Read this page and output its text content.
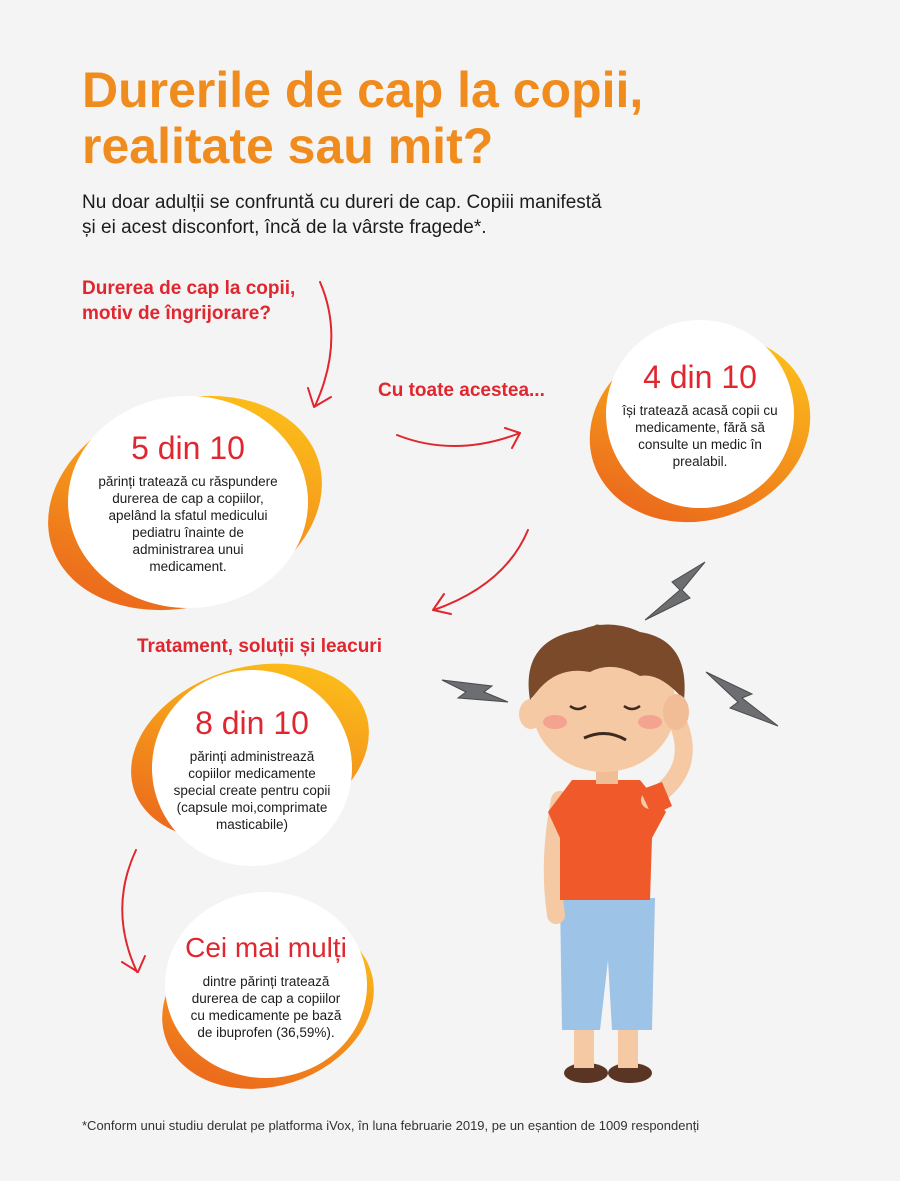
Durerile de cap la copii,
realitate sau mit?
Nu doar adulții se confruntă cu dureri de cap. Copiii manifestă
și ei acest disconfort, încă de la vârste fragede*.
Durerea de cap la copii,
motiv de îngrijorare?
Cu toate acestea...
Tratament, soluții și leacuri
5 din 10
părinți tratează cu răspundere
durerea de cap a copiilor,
apelând la sfatul medicului
pediatru înainte de
administrarea unui
medicament.
4 din 10
își tratează acasă copii cu
medicamente, fără să
consulte un medic în
prealabil.
8 din 10
părinți administrează
copiilor medicamente
special create pentru copii
(capsule moi,comprimate
masticabile)
Cei mai mulți
dintre părinți tratează
durerea de cap a copiilor
cu medicamente pe bază
de ibuprofen (36,59%).
*Conform unui studiu derulat pe platforma iVox, în luna februarie 2019, pe un eșantion de 1009 respondenți
